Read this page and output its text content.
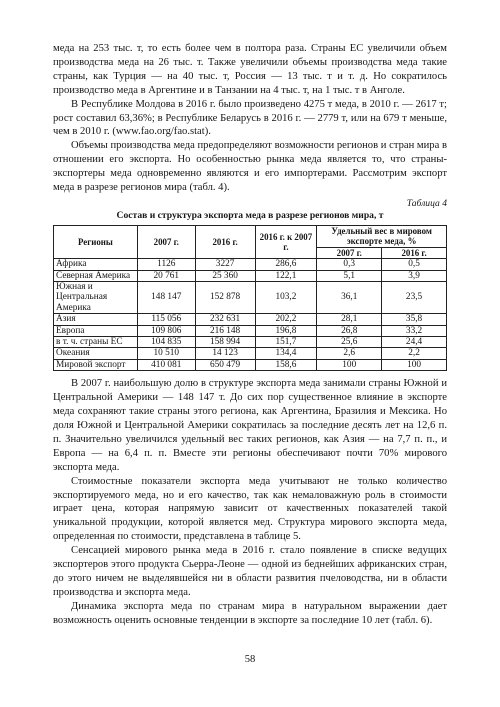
меда на 253 тыс. т, то есть более чем в полтора раза. Страны ЕС увеличили объем производства меда на 26 тыс. т. Также увеличили объемы производства меда такие страны, как Турция — на 40 тыс. т, Россия — 13 тыс. т и т. д. Но сократилось производство меда в Аргентине и в Танзании на 4 тыс. т, на 1 тыс. т в Анголе.

В Республике Молдова в 2016 г. было произведено 4275 т меда, в 2010 г. — 2617 т; рост составил 63,36%; в Республике Беларусь в 2016 г. — 2779 т, или на 679 т меньше, чем в 2010 г. (www.fao.org/fao.stat).

Объемы производства меда предопределяют возможности регионов и стран мира в отношении его экспорта. Но особенностью рынка меда является то, что страны-экспортеры меда одновременно являются и его импортерами. Рассмотрим экспорт меда в разрезе регионов мира (табл. 4).

Таблица 4
Состав и структура экспорта меда в разрезе регионов мира, т
Регионы	2007 г.	2016 г.	2016 г. к 2007 г.	Удельный вес в мировом экспорте меда, %	
				2007 г.	2016 г.
Африка	1126	3227	286,6	0,3	0,5
Северная Америка	20 761	25 360	122,1	5,1	3,9
Южная и Центральная Америка	148 147	152 878	103,2	36,1	23,5
Азия	115 056	232 631	202,2	28,1	35,8
Европа	109 806	216 148	196,8	26,8	33,2
в т. ч. страны ЕС	104 835	158 994	151,7	25,6	24,4
Океания	10 510	14 123	134,4	2,6	2,2
Мировой экспорт	410 081	650 479	158,6	100	100

В 2007 г. наибольшую долю в структуре экспорта меда занимали страны Южной и Центральной Америки — 148 147 т. До сих пор существенное влияние в экспорте меда сохраняют такие страны этого региона, как Аргентина, Бразилия и Мексика. Но доля Южной и Центральной Америки сократилась за последние десять лет на 12,6 п. п. Значительно увеличился удельный вес таких регионов, как Азия — на 7,7 п. п., и Европа — на 6,4 п. п. Вместе эти регионы обеспечивают почти 70% мирового экспорта меда.

Стоимостные показатели экспорта меда учитывают не только количество экспортируемого меда, но и его качество, так как немаловажную роль в стоимости играет цена, которая напрямую зависит от качественных показателей такой уникальной продукции, которой является мед. Структура мирового экспорта меда, определенная по стоимости, представлена в таблице 5.

Сенсацией мирового рынка меда в 2016 г. стало появление в списке ведущих экспортеров этого продукта Сьерра-Леоне — одной из беднейших африканских стран, до этого ничем не выделявшейся ни в области развития пчеловодства, ни в области производства и экспорта меда.

Динамика экспорта меда по странам мира в натуральном выражении дает возможность оценить основные тенденции в экспорте за последние 10 лет (табл. 6).

58
